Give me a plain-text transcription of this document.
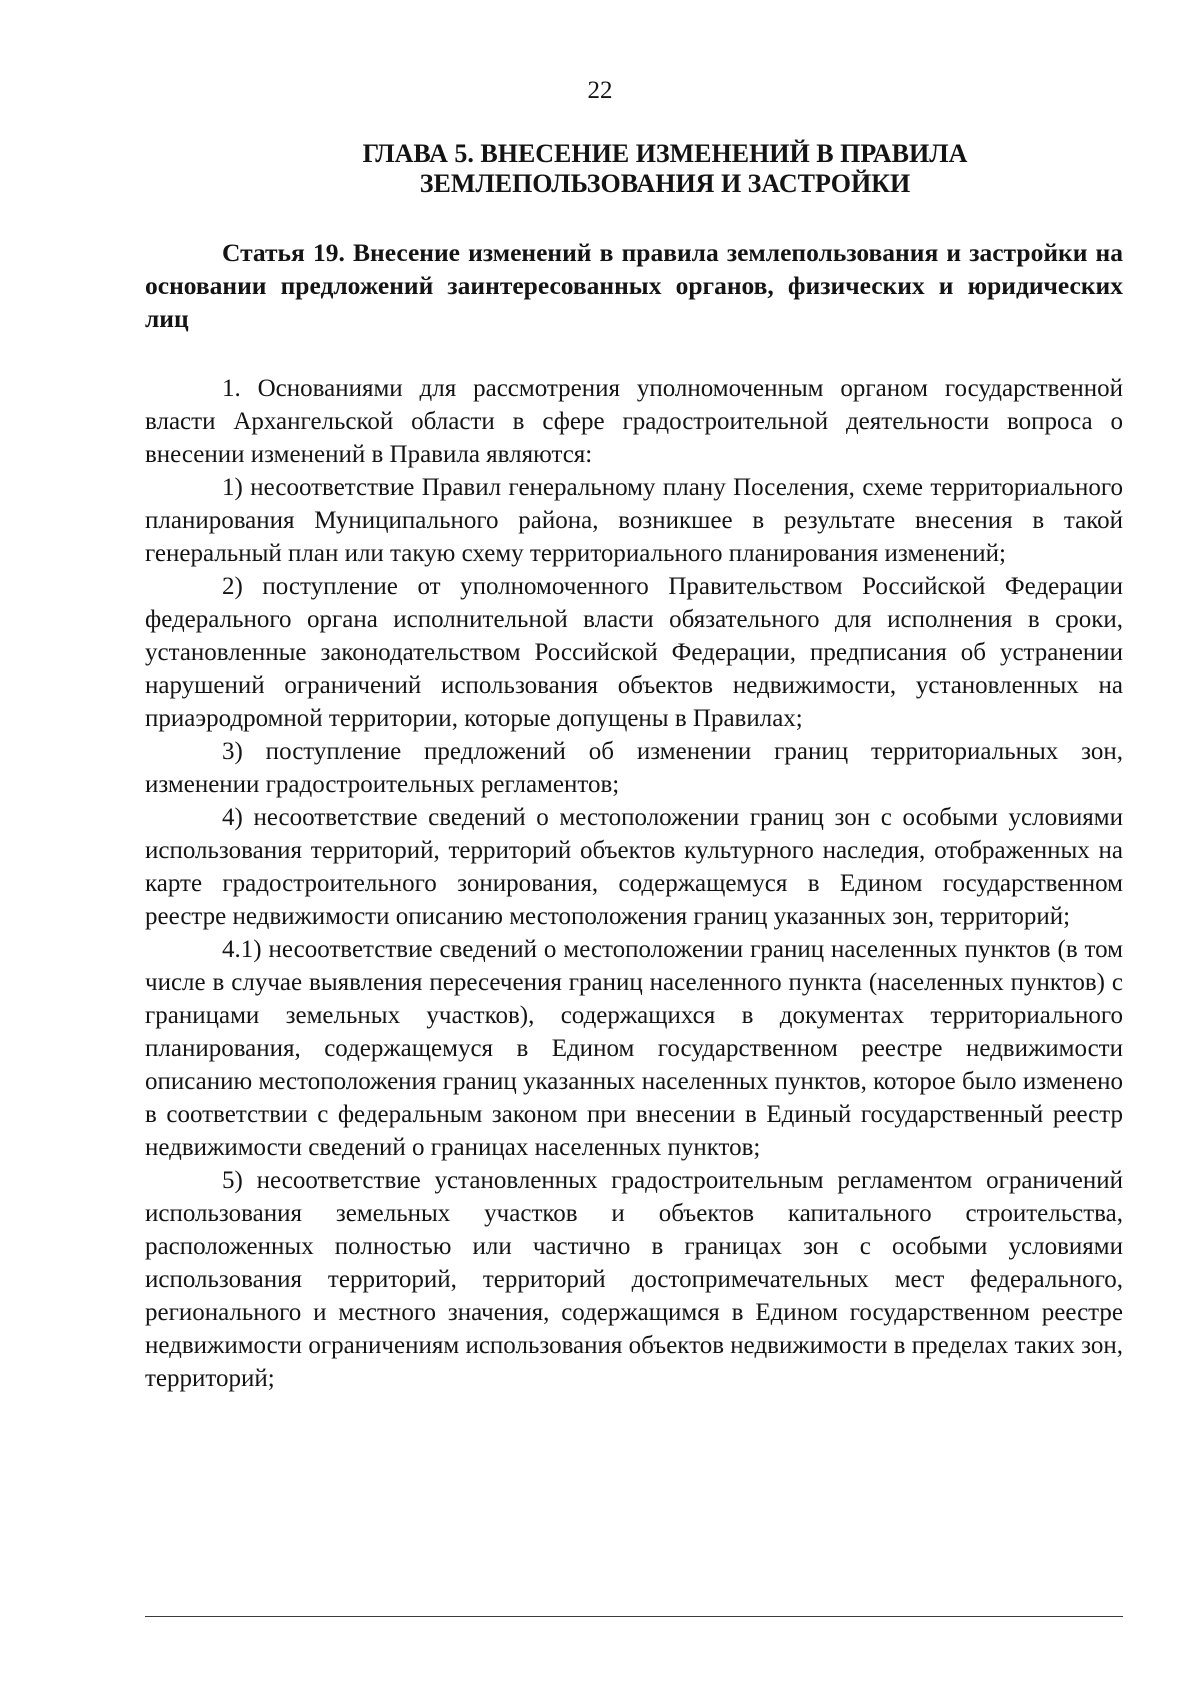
22
ГЛАВА 5. ВНЕСЕНИЕ ИЗМЕНЕНИЙ В ПРАВИЛА
ЗЕМЛЕПОЛЬЗОВАНИЯ И ЗАСТРОЙКИ
Статья 19. Внесение изменений в правила землепользования и застройки на основании предложений заинтересованных органов, физических и юридических лиц

1. Основаниями для рассмотрения уполномоченным органом государственной власти Архангельской области в сфере градостроительной деятельности вопроса о внесении изменений в Правила являются:

1) несоответствие Правил генеральному плану Поселения, схеме территориального планирования Муниципального района, возникшее в результате внесения в такой генеральный план или такую схему территориального планирования изменений;

2) поступление от уполномоченного Правительством Российской Федерации федерального органа исполнительной власти обязательного для исполнения в сроки, установленные законодательством Российской Федерации, предписания об устранении нарушений ограничений использования объектов недвижимости, установленных на приаэродромной территории, которые допущены в Правилах;

3) поступление предложений об изменении границ территориальных зон, изменении градостроительных регламентов;

4) несоответствие сведений о местоположении границ зон с особыми условиями использования территорий, территорий объектов культурного наследия, отображенных на карте градостроительного зонирования, содержащемуся в Едином государственном реестре недвижимости описанию местоположения границ указанных зон, территорий;

4.1) несоответствие сведений о местоположении границ населенных пунктов (в том числе в случае выявления пересечения границ населенного пункта (населенных пунктов) с границами земельных участков), содержащихся в документах территориального планирования, содержащемуся в Едином государственном реестре недвижимости описанию местоположения границ указанных населенных пунктов, которое было изменено в соответствии с федеральным законом при внесении в Единый государственный реестр недвижимости сведений о границах населенных пунктов;

5) несоответствие установленных градостроительным регламентом ограничений использования земельных участков и объектов капитального строительства, расположенных полностью или частично в границах зон с особыми условиями использования территорий, территорий достопримечательных мест федерального, регионального и местного значения, содержащимся в Едином государственном реестре недвижимости ограничениям использования объектов недвижимости в пределах таких зон, территорий;
